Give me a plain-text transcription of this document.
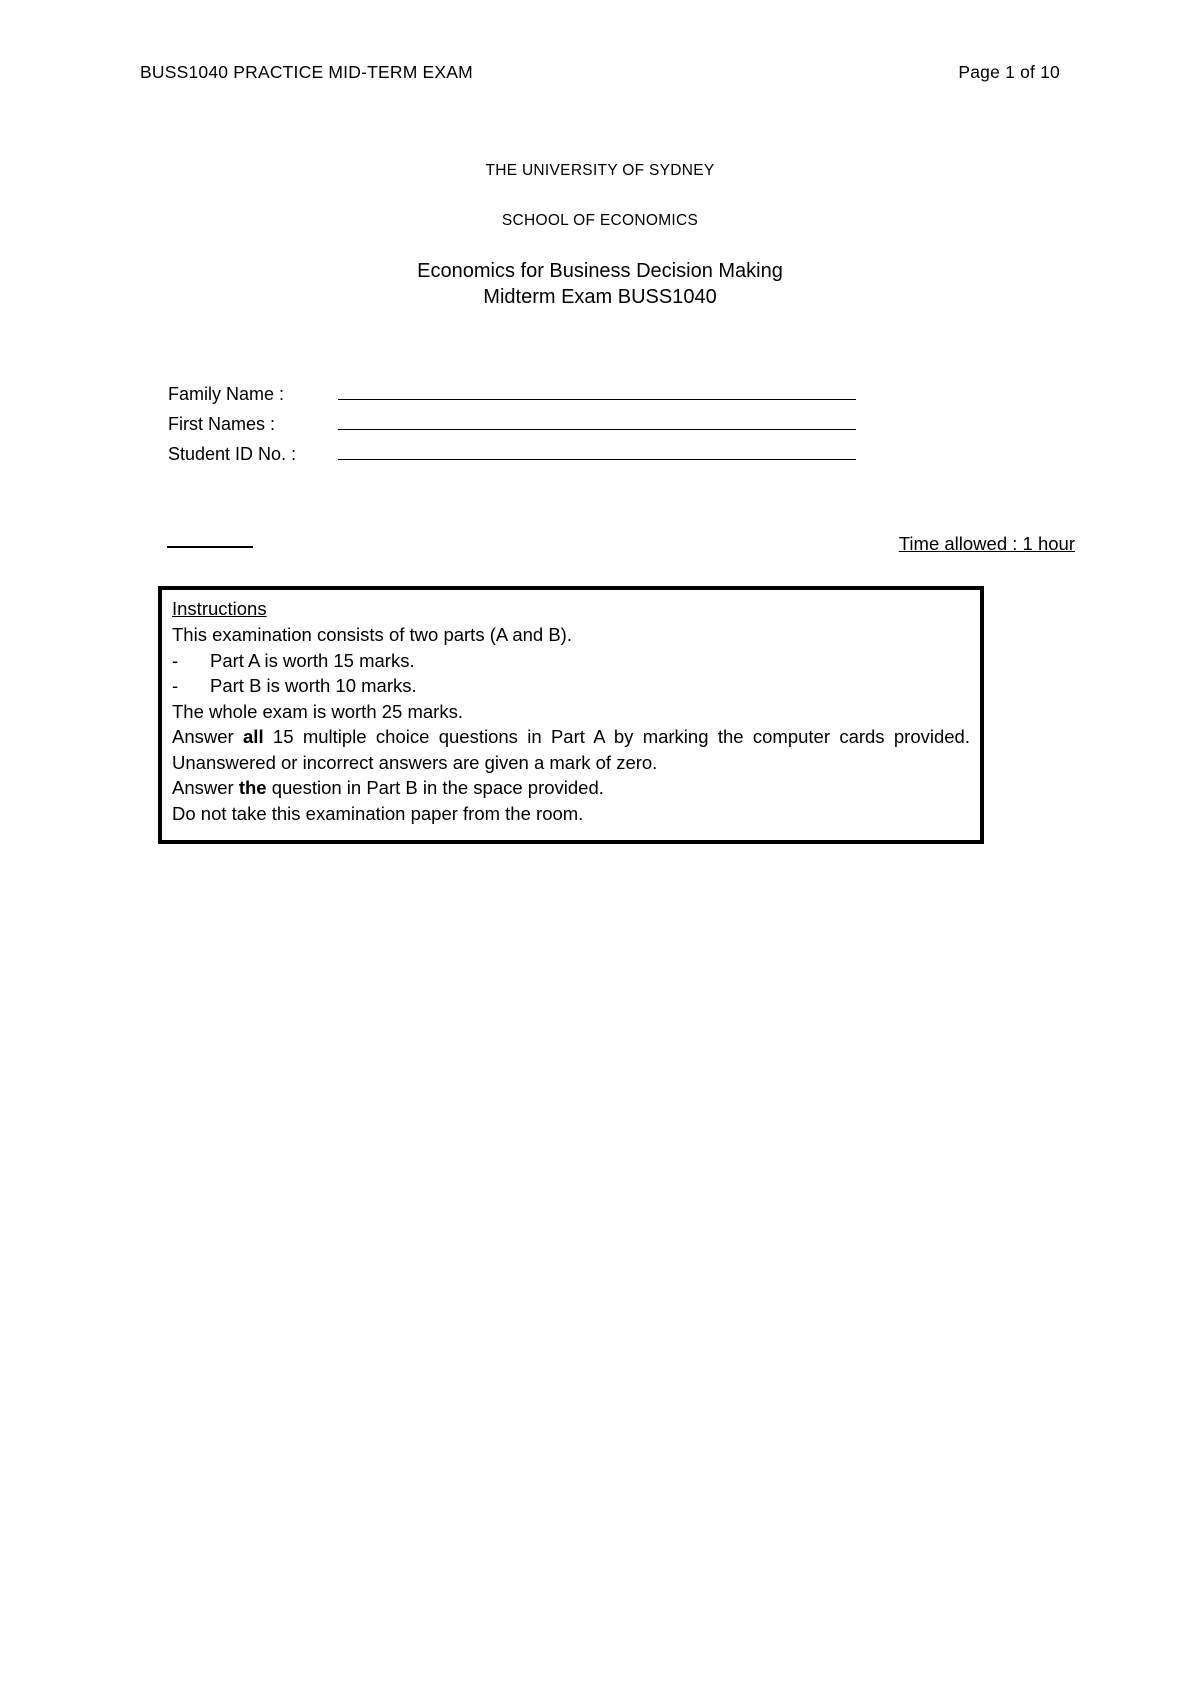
BUSS1040 PRACTICE MID-TERM EXAM	Page 1 of 10
THE UNIVERSITY OF SYDNEY
SCHOOL OF ECONOMICS
Economics for Business Decision Making
Midterm Exam BUSS1040
Family Name :
First Names :
Student ID No. :
Time allowed : 1 hour
Instructions
This examination consists of two parts (A and B).
-	Part A is worth 15 marks.
-	Part B is worth 10 marks.
The whole exam is worth 25 marks.
Answer all 15 multiple choice questions in Part A by marking the computer cards provided.
Unanswered or incorrect answers are given a mark of zero.
Answer the question in Part B in the space provided.
Do not take this examination paper from the room.
